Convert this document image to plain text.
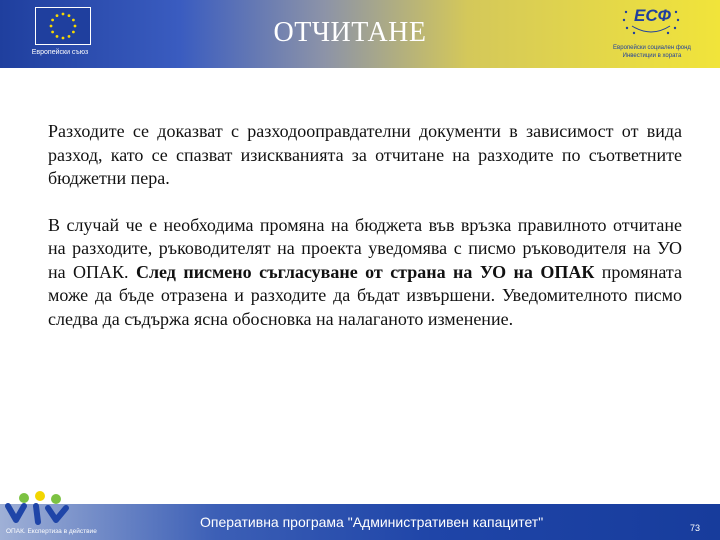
Европейски съюз
ОТЧИТАНЕ
ЕСФ
Европейски социален фонд
Инвестиции в хората

Разходите се доказват с разходооправдателни документи в зависимост от вида разход, като се спазват изискванията за отчитане на разходите по съответните бюджетни пера.

В случай че е необходима промяна на бюджета във връзка правилното отчитане на разходите, ръководителят на проекта уведомява с писмо ръководителя на УО на ОПАК. След писмено съгласуване от страна на УО на ОПАК промяната може да бъде отразена и разходите да бъдат извършени. Уведомителното писмо следва да съдържа ясна обосновка на налаганото изменение.

ОПАК. Експертиза в действие
Оперативна програма "Административен капацитет"	73
